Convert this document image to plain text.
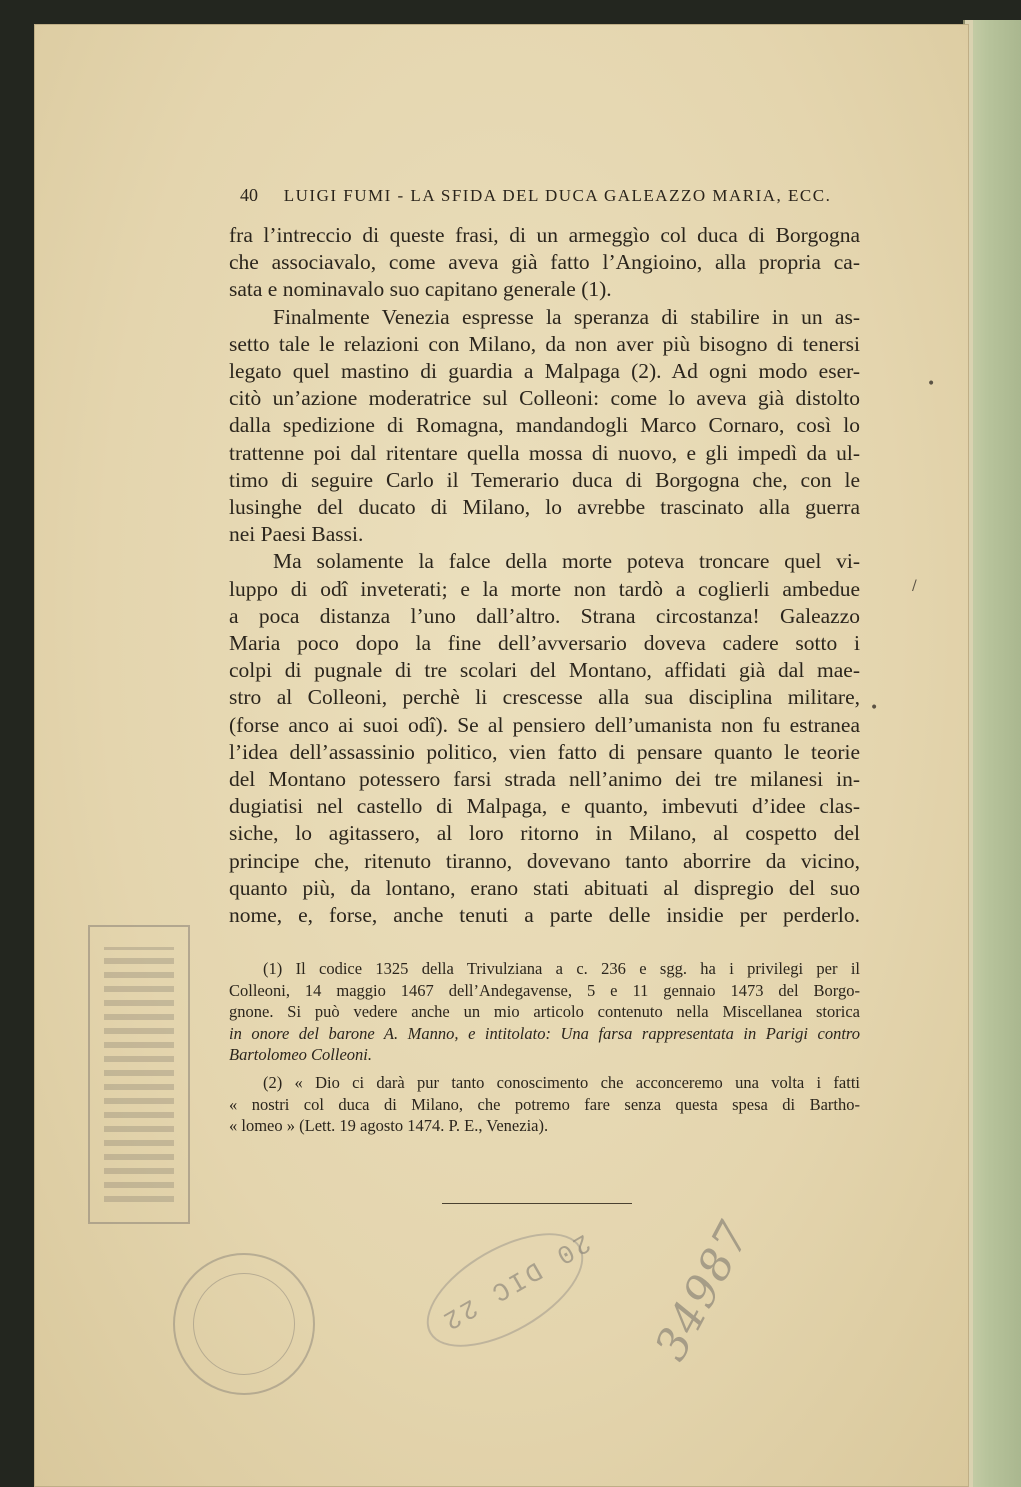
40 LUIGI FUMI - LA SFIDA DEL DUCA GALEAZZO MARIA, ECC.
fra l’intreccio di queste frasi, di un armeggìo col duca di Borgogna
che associavalo, come aveva già fatto l’Angioino, alla propria ca-
sata e nominavalo suo capitano generale (1).
Finalmente Venezia espresse la speranza di stabilire in un as-
setto tale le relazioni con Milano, da non aver più bisogno di tenersi
legato quel mastino di guardia a Malpaga (2). Ad ogni modo eser-
citò un’azione moderatrice sul Colleoni: come lo aveva già distolto
dalla spedizione di Romagna, mandandogli Marco Cornaro, così lo
trattenne poi dal ritentare quella mossa di nuovo, e gli impedì da ul-
timo di seguire Carlo il Temerario duca di Borgogna che, con le
lusinghe del ducato di Milano, lo avrebbe trascinato alla guerra
nei Paesi Bassi.
Ma solamente la falce della morte poteva troncare quel vi-
luppo di odî inveterati; e la morte non tardò a coglierli ambedue
a poca distanza l’uno dall’altro. Strana circostanza! Galeazzo
Maria poco dopo la fine dell’avversario doveva cadere sotto i
colpi di pugnale di tre scolari del Montano, affidati già dal mae-
stro al Colleoni, perchè li crescesse alla sua disciplina militare,
(forse anco ai suoi odî). Se al pensiero dell’umanista non fu estranea
l’idea dell’assassinio politico, vien fatto di pensare quanto le teorie
del Montano potessero farsi strada nell’animo dei tre milanesi in-
dugiatisi nel castello di Malpaga, e quanto, imbevuti d’idee clas-
siche, lo agitassero, al loro ritorno in Milano, al cospetto del
principe che, ritenuto tiranno, dovevano tanto aborrire da vicino,
quanto più, da lontano, erano stati abituati al dispregio del suo
nome, e, forse, anche tenuti a parte delle insidie per perderlo.
(1) Il codice 1325 della Trivulziana a c. 236 e sgg. ha i privilegi per il
Colleoni, 14 maggio 1467 dell’Andegavense, 5 e 11 gennaio 1473 del Borgo-
gnone. Si può vedere anche un mio articolo contenuto nella Miscellanea storica
in onore del barone A. Manno, e intitolato: Una farsa rappresentata in Parigi contro
Bartolomeo Colleoni.
(2) « Dio ci darà pur tanto conoscimento che acconceremo una volta i fatti
« nostri col duca di Milano, che potremo fare senza questa spesa di Bartho-
« lomeo » (Lett. 19 agosto 1474. P. E., Venezia).
20 DIC 22 34987
•
/
•
